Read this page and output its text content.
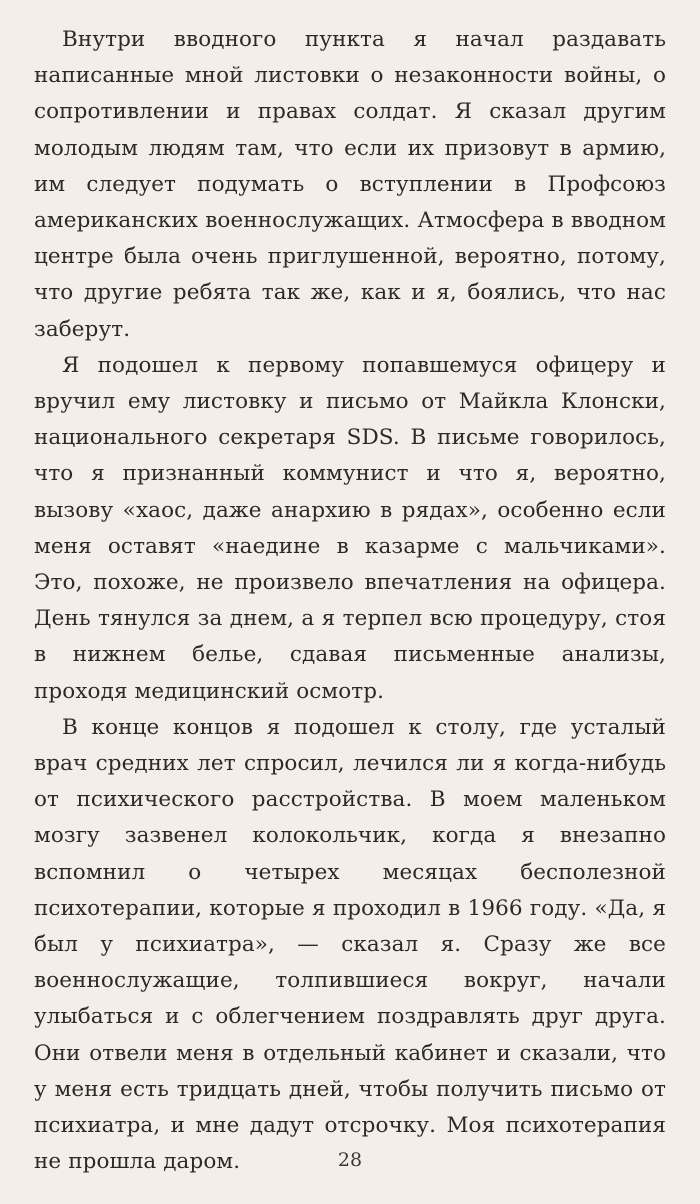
Внутри вводного пункта я начал раздавать написанные мной листовки о незаконности войны, о сопротивлении и правах солдат. Я сказал другим молодым людям там, что если их призовут в армию, им следует подумать о вступлении в Профсоюз американских военнослужащих. Атмосфера в вводном центре была очень приглушенной, вероятно, потому, что другие ребята так же, как и я, боялись, что нас заберут.

Я подошел к первому попавшемуся офицеру и вручил ему листовку и письмо от Майкла Клонски, национального секретаря SDS. В письме говорилось, что я признанный коммунист и что я, вероятно, вызову «хаос, даже анархию в рядах», особенно если меня оставят «наедине в казарме с мальчиками». Это, похоже, не произвело впечатления на офицера. День тянулся за днем, а я терпел всю процедуру, стоя в нижнем белье, сдавая письменные анализы, проходя медицинский осмотр.

В конце концов я подошел к столу, где усталый врач средних лет спросил, лечился ли я когда-нибудь от психического расстройства. В моем маленьком мозгу зазвенел колокольчик, когда я внезапно вспомнил о четырех месяцах бесполезной психотерапии, которые я проходил в 1966 году. «Да, я был у психиатра», — сказал я. Сразу же все военнослужащие, толпившиеся вокруг, начали улыбаться и с облегчением поздравлять друг друга. Они отвели меня в отдельный кабинет и сказали, что у меня есть тридцать дней, чтобы получить письмо от психиатра, и мне дадут отсрочку. Моя психотерапия не прошла даром.	28
